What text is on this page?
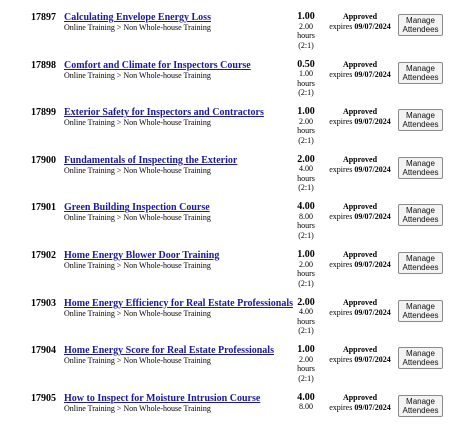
17897 Calculating Envelope Energy Loss
Online Training > Non Whole-house Training
1.00
2.00
hours
(2:1)
Approved
expires 09/07/2024
Manage Attendees
17898 Comfort and Climate for Inspectors Course
Online Training > Non Whole-house Training
0.50
1.00
hours
(2:1)
Approved
expires 09/07/2024
Manage Attendees
17899 Exterior Safety for Inspectors and Contractors
Online Training > Non Whole-house Training
1.00
2.00
hours
(2:1)
Approved
expires 09/07/2024
Manage Attendees
17900 Fundamentals of Inspecting the Exterior
Online Training > Non Whole-house Training
2.00
4.00
hours
(2:1)
Approved
expires 09/07/2024
Manage Attendees
17901 Green Building Inspection Course
Online Training > Non Whole-house Training
4.00
8.00
hours
(2:1)
Approved
expires 09/07/2024
Manage Attendees
17902 Home Energy Blower Door Training
Online Training > Non Whole-house Training
1.00
2.00
hours
(2:1)
Approved
expires 09/07/2024
Manage Attendees
17903 Home Energy Efficiency for Real Estate Professionals
Online Training > Non Whole-house Training
2.00
4.00
hours
(2:1)
Approved
expires 09/07/2024
Manage Attendees
17904 Home Energy Score for Real Estate Professionals
Online Training > Non Whole-house Training
1.00
2.00
hours
(2:1)
Approved
expires 09/07/2024
Manage Attendees
17905 How to Inspect for Moisture Intrusion Course
Online Training > Non Whole-house Training
4.00
8.00
Approved
expires 09/07/2024
Manage Attendees
